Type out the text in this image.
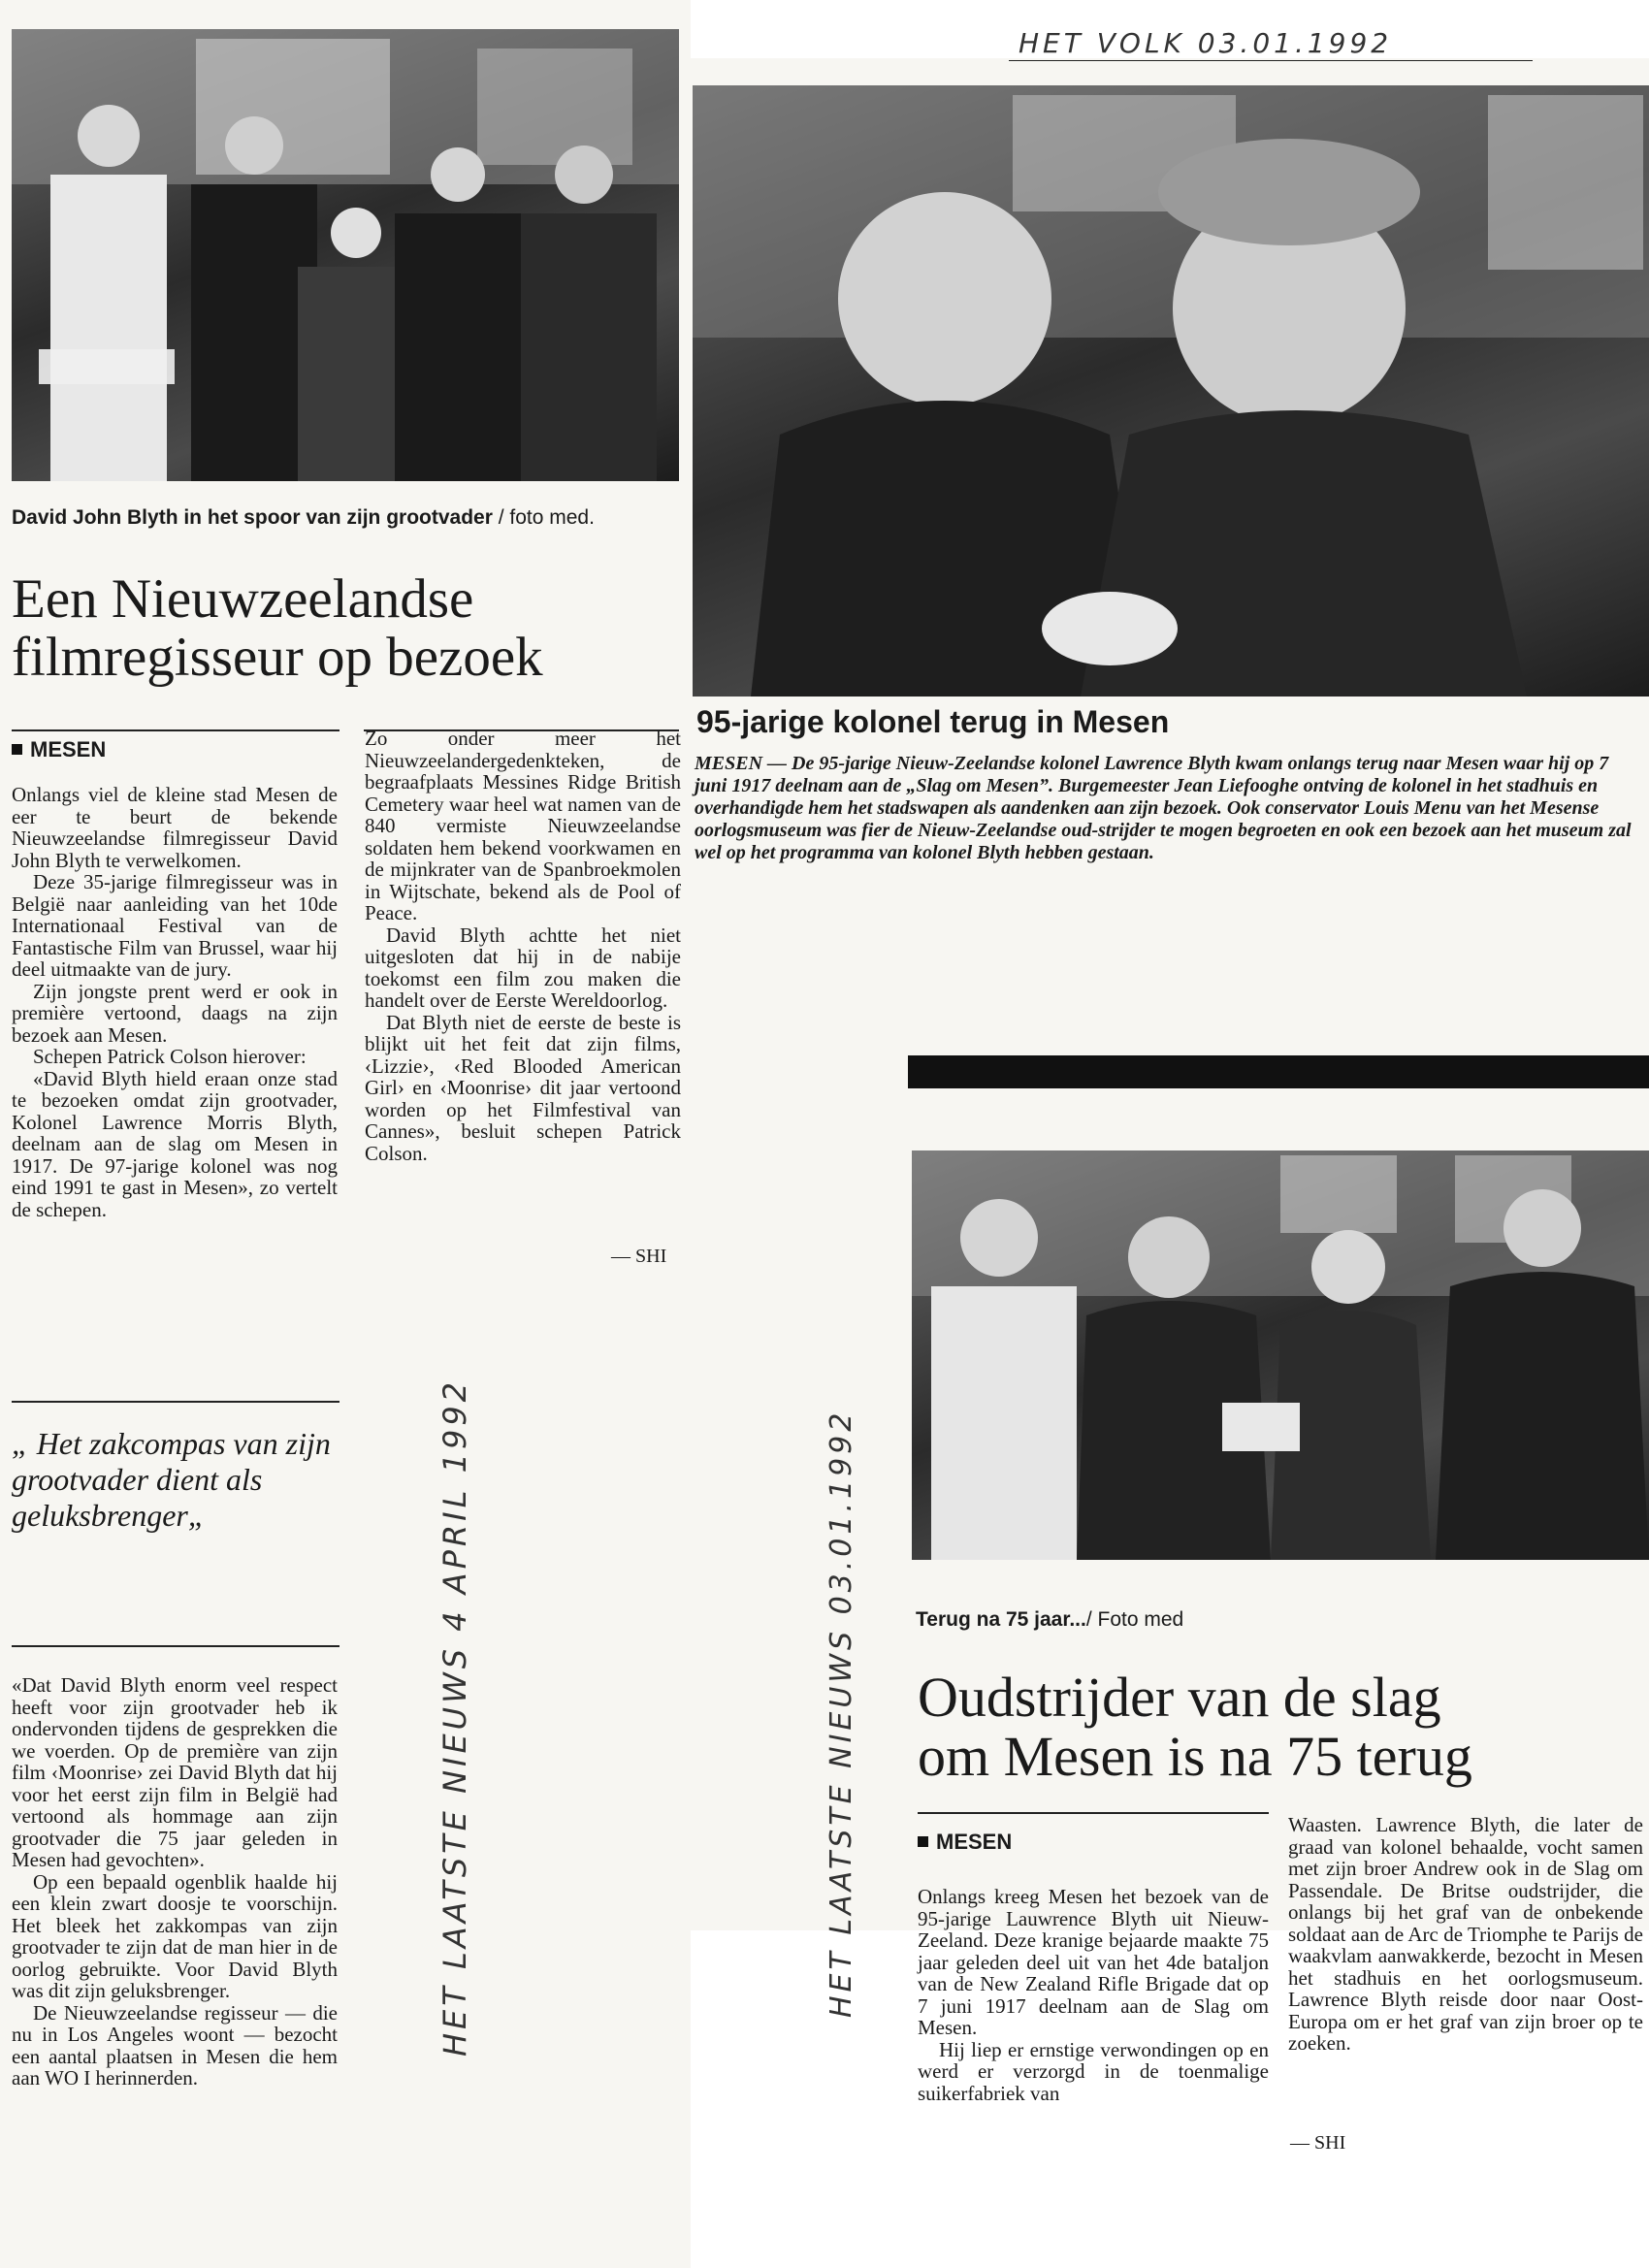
David John Blyth in het spoor van zijn grootvader / foto med.
Een Nieuwzeelandse
filmregisseur op bezoek
MESEN

Onlangs viel de kleine stad Mesen de eer te beurt de bekende Nieuwzeelandse filmregisseur David John Blyth te verwelkomen.

Deze 35-jarige filmregisseur was in België naar aanleiding van het 10de Internationaal Festival van de Fantastische Film van Brussel, waar hij deel uitmaakte van de jury.

Zijn jongste prent werd er ook in première vertoond, daags na zijn bezoek aan Mesen.

Schepen Patrick Colson hierover:

«David Blyth hield eraan onze stad te bezoeken omdat zijn grootvader, Kolonel Lawrence Morris Blyth, deelnam aan de slag om Mesen in 1917. De 97-jarige kolonel was nog eind 1991 te gast in Mesen», zo vertelt de schepen.

Zo onder meer het Nieuwzeelandergedenkteken, de begraafplaats Messines Ridge British Cemetery waar heel wat namen van de 840 vermiste Nieuwzeelandse soldaten hem bekend voorkwamen en de mijnkrater van de Spanbroekmolen in Wijtschate, bekend als de Pool of Peace.

David Blyth achtte het niet uitgesloten dat hij in de nabije toekomst een film zou maken die handelt over de Eerste Wereldoorlog.

Dat Blyth niet de eerste de beste is blijkt uit het feit dat zijn films, ‹Lizzie›, ‹Red Blooded American Girl› en ‹Moonrise› dit jaar vertoond worden op het Filmfestival van Cannes», besluit schepen Patrick Colson.

— SHI

„ Het zakcompas van zijn grootvader dient als geluksbrenger„

«Dat David Blyth enorm veel respect heeft voor zijn grootvader heb ik ondervonden tijdens de gesprekken die we voerden. Op de première van zijn film ‹Moonrise› zei David Blyth dat hij voor het eerst zijn film in België had vertoond als hommage aan zijn grootvader die 75 jaar geleden in Mesen had gevochten».

Op een bepaald ogenblik haalde hij een klein zwart doosje te voorschijn. Het bleek het zakkompas van zijn grootvader te zijn dat de man hier in de oorlog gebruikte. Voor David Blyth was dit zijn geluksbrenger.

De Nieuwzeelandse regisseur — die nu in Los Angeles woont — bezocht een aantal plaatsen in Mesen die hem aan WO I herinnerden.

HET LAATSTE NIEUWS 4 APRIL 1992
HET VOLK 03.01.1992
95-jarige kolonel terug in Mesen

MESEN — De 95-jarige Nieuw-Zeelandse kolonel Lawrence Blyth kwam onlangs terug naar Mesen waar hij op 7 juni 1917 deelnam aan de „Slag om Mesen”. Burgemeester Jean Liefooghe ontving de kolonel in het stadhuis en overhandigde hem het stadswapen als aandenken aan zijn bezoek. Ook conservator Louis Menu van het Mesense oorlogsmuseum was fier de Nieuw-Zeelandse oud-strijder te mogen begroeten en ook een bezoek aan het museum zal wel op het programma van kolonel Blyth hebben gestaan.

Terug na 75 jaar.../ Foto med
HET LAATSTE NIEUWS 03.01.1992 Oudstrijder van de slag
om Mesen is na 75 terug
MESEN

Onlangs kreeg Mesen het bezoek van de 95-jarige Lauwrence Blyth uit Nieuw-Zeeland. Deze kranige bejaarde maakte 75 jaar geleden deel uit van het 4de bataljon van de New Zealand Rifle Brigade dat op 7 juni 1917 deelnam aan de Slag om Mesen.

Hij liep er ernstige verwondingen op en werd er verzorgd in de toenmalige suikerfabriek van

Waasten. Lawrence Blyth, die later de graad van kolonel behaalde, vocht samen met zijn broer Andrew ook in de Slag om Passendale. De Britse oudstrijder, die onlangs bij het graf van de onbekende soldaat aan de Arc de Triomphe te Parijs de waakvlam aanwakkerde, bezocht in Mesen het stadhuis en het oorlogsmuseum. Lawrence Blyth reisde door naar Oost-Europa om er het graf van zijn broer op te zoeken.

— SHI
